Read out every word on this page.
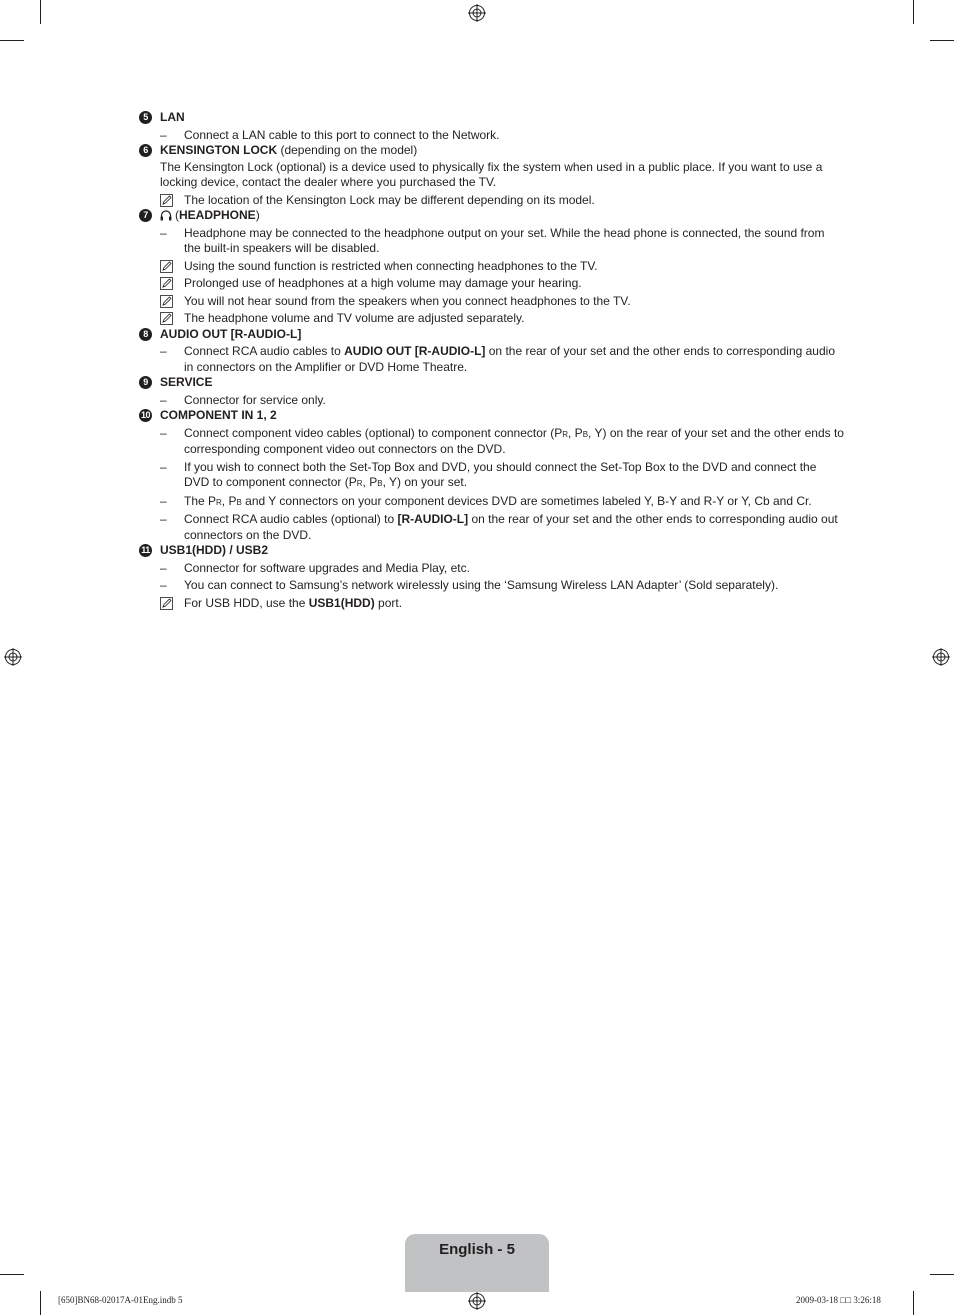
5	LAN
–	Connect a LAN cable to this port to connect to the Network.
6	KENSINGTON LOCK (depending on the model)
The Kensington Lock (optional) is a device used to physically fix the system when used in a public place. If you want to use a locking device, contact the dealer where you purchased the TV.
The location of the Kensington Lock may be different depending on its model.
7	(HEADPHONE)
–	Headphone may be connected to the headphone output on your set. While the head phone is connected, the sound from the built-in speakers will be disabled.
Using the sound function is restricted when connecting headphones to the TV.
Prolonged use of headphones at a high volume may damage your hearing.
You will not hear sound from the speakers when you connect headphones to the TV.
The headphone volume and TV volume are adjusted separately.
8	AUDIO OUT [R-AUDIO-L]
–	Connect RCA audio cables to AUDIO OUT [R-AUDIO-L] on the rear of your set and the other ends to corresponding audio in connectors on the Amplifier or DVD Home Theatre.
9	SERVICE
–	Connector for service only.
10 COMPONENT IN 1, 2
–	Connect component video cables (optional) to component connector (PR, PB, Y) on the rear of your set and the other ends to corresponding component video out connectors on the DVD.
–	If you wish to connect both the Set-Top Box and DVD, you should connect the Set-Top Box to the DVD and connect the DVD to component connector (PR, PB, Y) on your set.
–	The PR, PB and Y connectors on your component devices DVD are sometimes labeled Y, B-Y and R-Y or Y, Cb and Cr.
–	Connect RCA audio cables (optional) to [R-AUDIO-L] on the rear of your set and the other ends to corresponding audio out connectors on the DVD.
11 USB1(HDD) / USB2
–	Connector for software upgrades and Media Play, etc.
–	You can connect to Samsung’s network wirelessly using the ‘Samsung Wireless LAN Adapter’ (Sold separately).
For USB HDD, use the USB1(HDD) port.
English - 5
[650]BN68-02017A-01Eng.indb 5	2009-03-18 □□ 3:26:18
